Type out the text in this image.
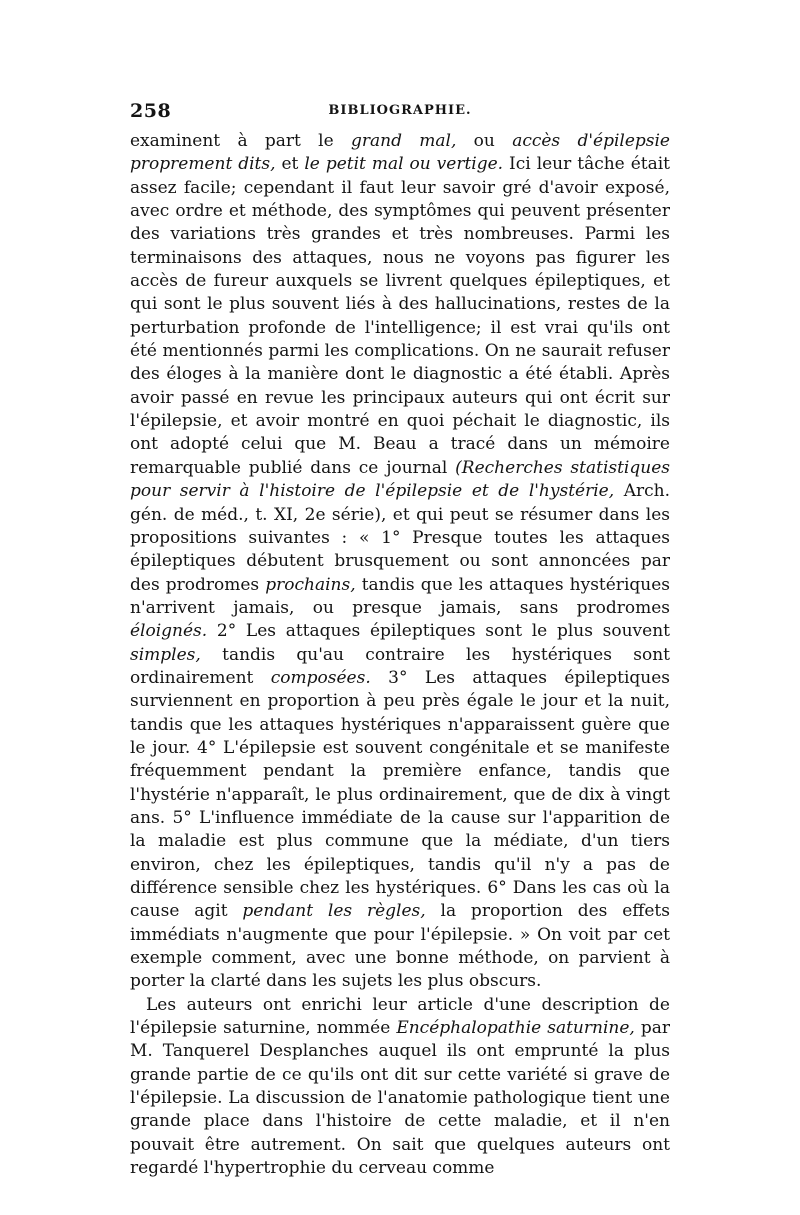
258	BIBLIOGRAPHIE.

examinent à part le grand mal, ou accès d'épilepsie proprement dits, et le petit mal ou vertige. Ici leur tâche était assez facile; cependant il faut leur savoir gré d'avoir exposé, avec ordre et méthode, des symptômes qui peuvent présenter des variations très grandes et très nombreuses. Parmi les terminaisons des attaques, nous ne voyons pas figurer les accès de fureur auxquels se livrent quelques épileptiques, et qui sont le plus souvent liés à des hallucinations, restes de la perturbation profonde de l'intelligence; il est vrai qu'ils ont été mentionnés parmi les complications. On ne saurait refuser des éloges à la manière dont le diagnostic a été établi. Après avoir passé en revue les principaux auteurs qui ont écrit sur l'épilepsie, et avoir montré en quoi péchait le diagnostic, ils ont adopté celui que M. Beau a tracé dans un mémoire remarquable publié dans ce journal (Recherches statistiques pour servir à l'histoire de l'épilepsie et de l'hystérie, Arch. gén. de méd., t. XI, 2e série), et qui peut se résumer dans les propositions suivantes : « 1° Presque toutes les attaques épileptiques débutent brusquement ou sont annoncées par des prodromes prochains, tandis que les attaques hystériques n'arrivent jamais, ou presque jamais, sans prodromes éloignés. 2° Les attaques épileptiques sont le plus souvent simples, tandis qu'au contraire les hystériques sont ordinairement composées. 3° Les attaques épileptiques surviennent en proportion à peu près égale le jour et la nuit, tandis que les attaques hystériques n'apparaissent guère que le jour. 4° L'épilepsie est souvent congénitale et se manifeste fréquemment pendant la première enfance, tandis que l'hystérie n'apparaît, le plus ordinairement, que de dix à vingt ans. 5° L'influence immédiate de la cause sur l'apparition de la maladie est plus commune que la médiate, d'un tiers environ, chez les épileptiques, tandis qu'il n'y a pas de différence sensible chez les hystériques. 6° Dans les cas où la cause agit pendant les règles, la proportion des effets immédiats n'augmente que pour l'épilepsie. » On voit par cet exemple comment, avec une bonne méthode, on parvient à porter la clarté dans les sujets les plus obscurs.

Les auteurs ont enrichi leur article d'une description de l'épilepsie saturnine, nommée Encéphalopathie saturnine, par M. Tanquerel Desplanches auquel ils ont emprunté la plus grande partie de ce qu'ils ont dit sur cette variété si grave de l'épilepsie. La discussion de l'anatomie pathologique tient une grande place dans l'histoire de cette maladie, et il n'en pouvait être autrement. On sait que quelques auteurs ont regardé l'hypertrophie du cerveau comme
